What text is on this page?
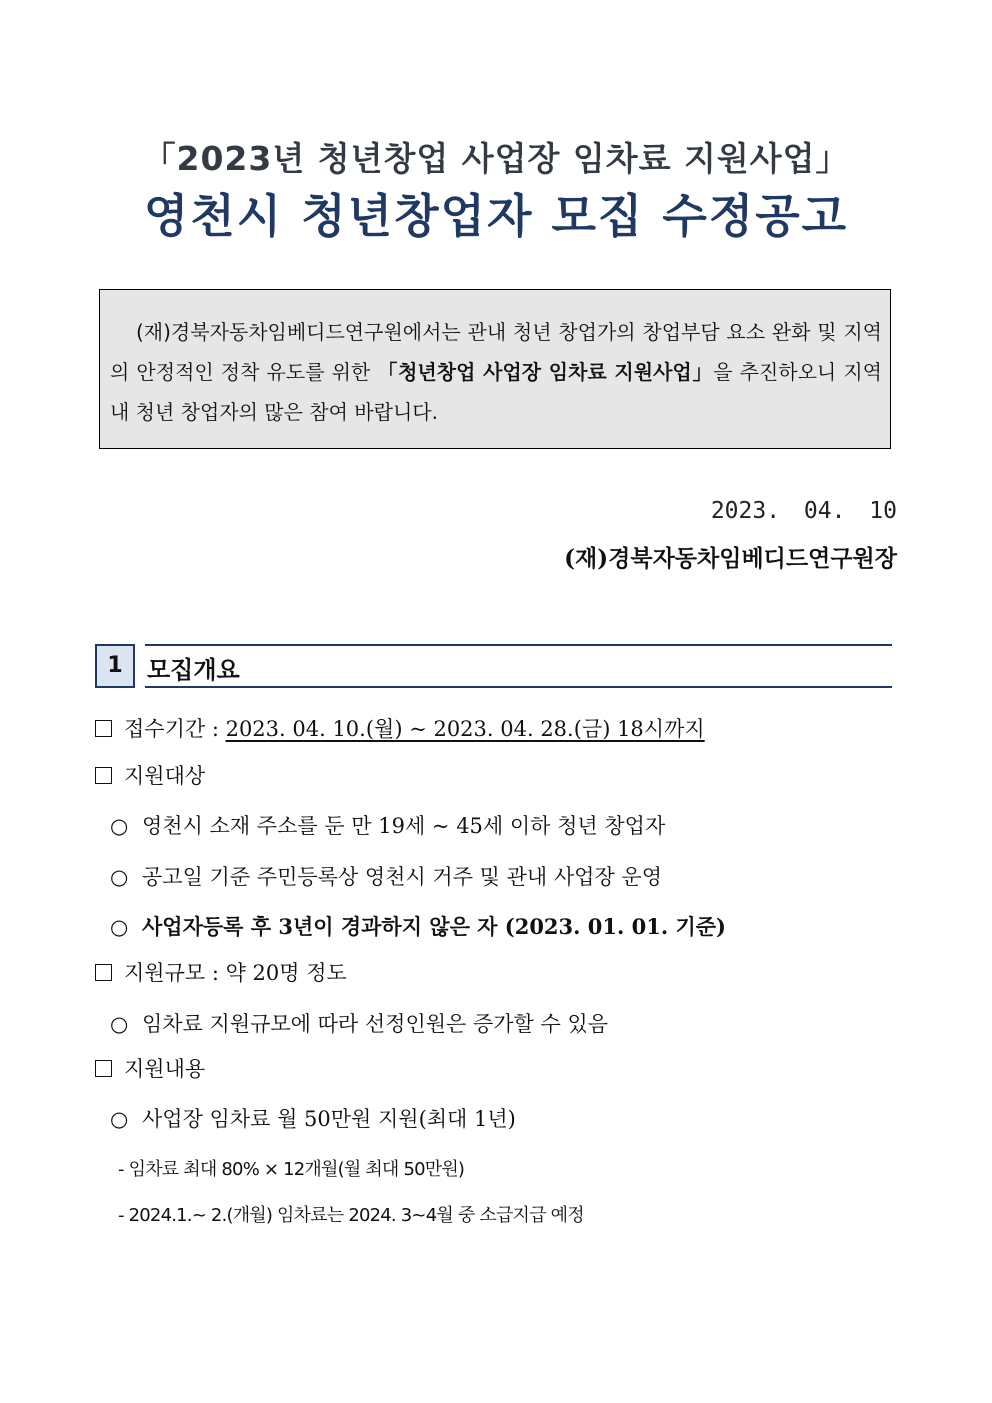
「2023년 청년창업 사업장 임차료 지원사업」
영천시 청년창업자 모집 수정공고
(재)경북자동차임베디드연구원에서는 관내 청년 창업가의 창업부담 요소 완화 및 지역의 안정적인 정착 유도를 위한 「청년창업 사업장 임차료 지원사업」을 추진하오니 지역 내 청년 창업자의 많은 참여 바랍니다.
2023. 04. 10
(재)경북자동차임베디드연구원장
1	모집개요
접수기간 : 2023. 04. 10.(월) ~ 2023. 04. 28.(금) 18시까지
지원대상
○ 영천시 소재 주소를 둔 만 19세 ~ 45세 이하 청년 창업자
○ 공고일 기준 주민등록상 영천시 거주 및 관내 사업장 운영
○ 사업자등록 후 3년이 경과하지 않은 자 (2023. 01. 01. 기준)
지원규모 : 약 20명 정도
○ 임차료 지원규모에 따라 선정인원은 증가할 수 있음
지원내용
○ 사업장 임차료 월 50만원 지원(최대 1년)
- 임차료 최대 80% × 12개월(월 최대 50만원)
- 2024.1.~ 2.(개월) 임차료는 2024. 3~4월 중 소급지급 예정
